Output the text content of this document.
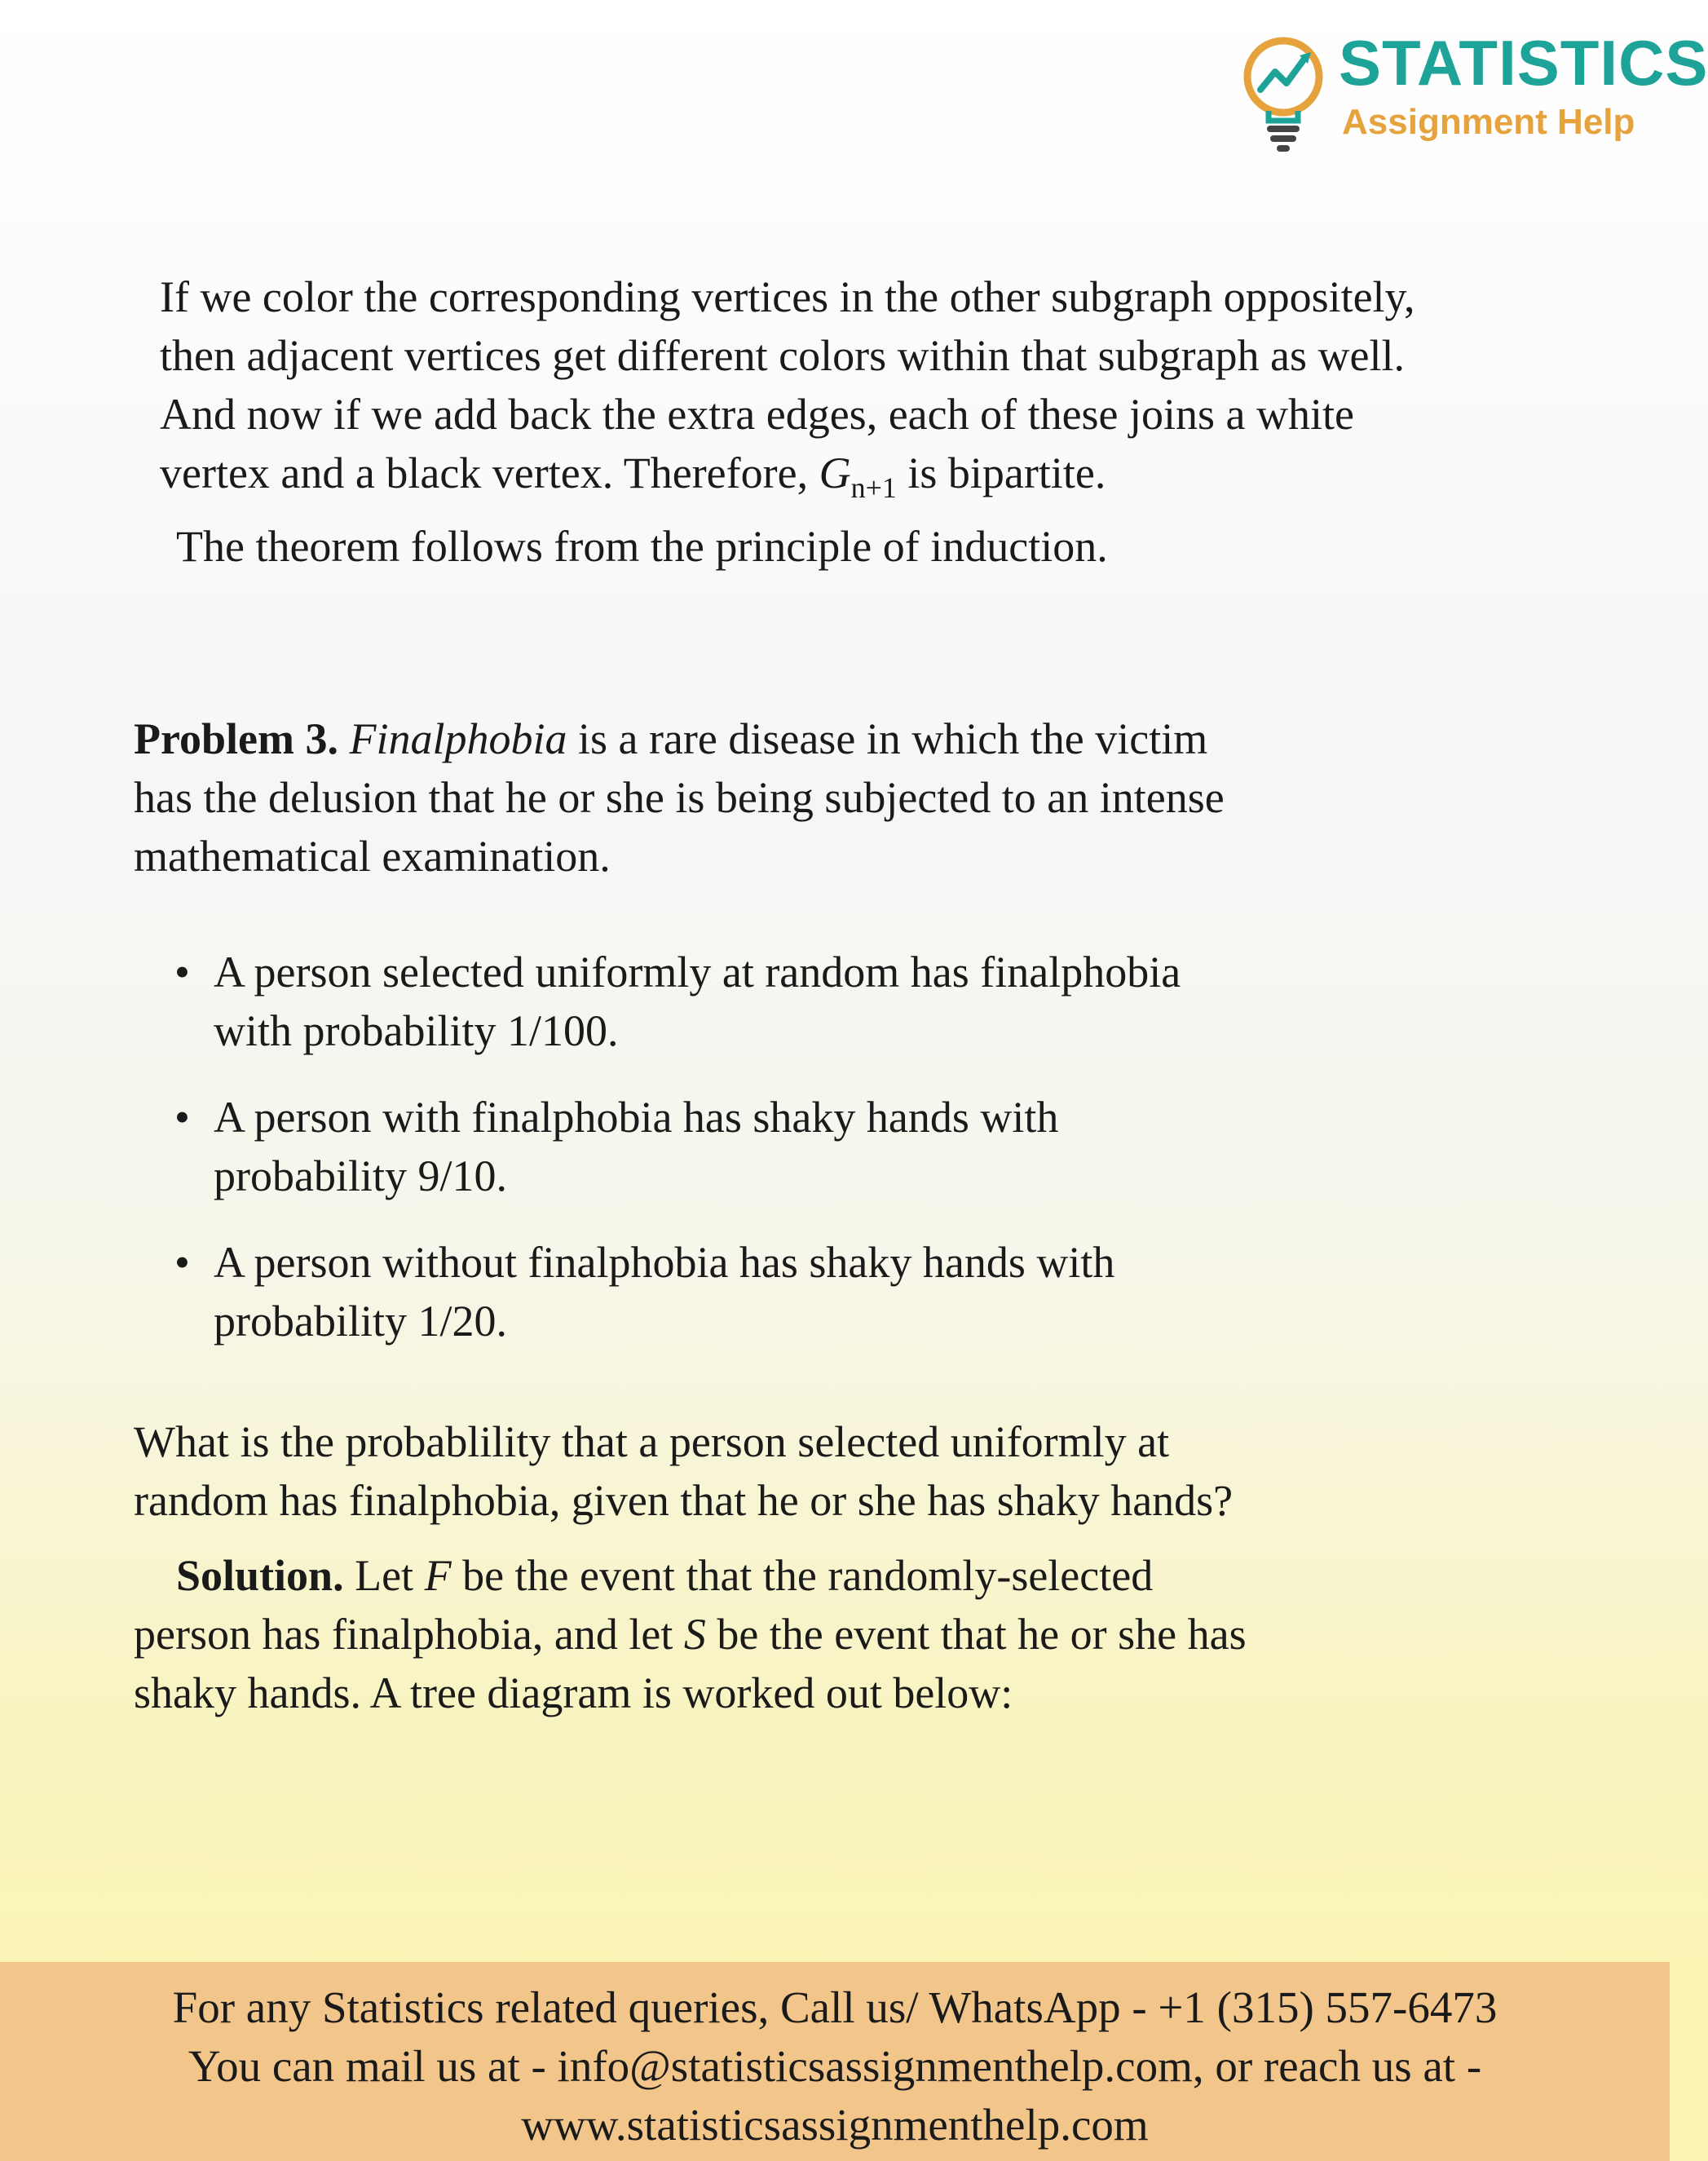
STATISTICS
Assignment Help

If we color the corresponding vertices in the other subgraph oppositely,
then adjacent vertices get different colors within that subgraph as well.
And now if we add back the extra edges, each of these joins a white
vertex and a black vertex. Therefore, $G_{n+1}$ is bipartite.

The theorem follows from the principle of induction.

Problem 3. Finalphobia is a rare disease in which the victim
has the delusion that he or she is being subjected to an intense
mathematical examination.

• A person selected uniformly at random has finalphobia
with probability 1/100.
• A person with finalphobia has shaky hands with
probability 9/10.
• A person without finalphobia has shaky hands with
probability 1/20.

What is the probablility that a person selected uniformly at
random has finalphobia, given that he or she has shaky hands?

Solution. Let F be the event that the randomly-selected
person has finalphobia, and let S be the event that he or she has
shaky hands. A tree diagram is worked out below:

For any Statistics related queries, Call us/ WhatsApp - +1 (315) 557-6473
You can mail us at - info@statisticsassignmenthelp.com, or reach us at -
www.statisticsassignmenthelp.com
